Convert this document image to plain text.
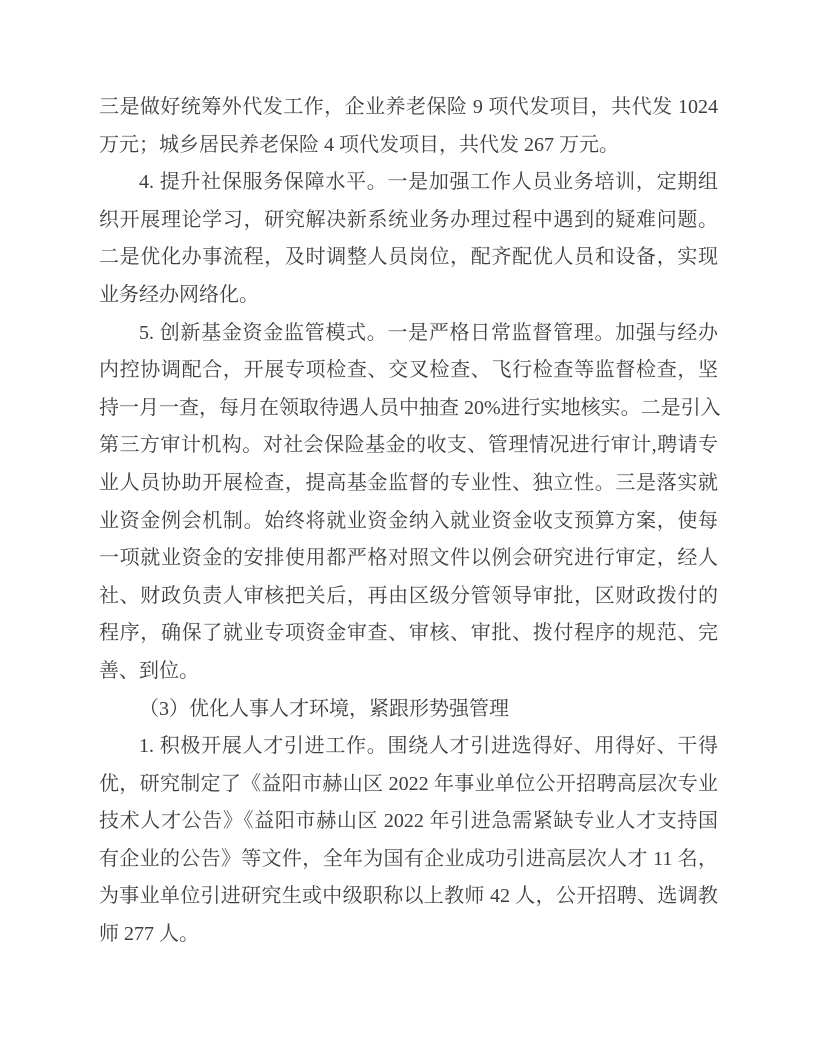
三是做好统筹外代发工作，企业养老保险 9 项代发项目，共代发 1024
万元；城乡居民养老保险 4 项代发项目，共代发 267 万元。
4. 提升社保服务保障水平。一是加强工作人员业务培训，定期组
织开展理论学习，研究解决新系统业务办理过程中遇到的疑难问题。
二是优化办事流程，及时调整人员岗位，配齐配优人员和设备，实现
业务经办网络化。
5. 创新基金资金监管模式。一是严格日常监督管理。加强与经办
内控协调配合，开展专项检查、交叉检查、飞行检查等监督检查，坚
持一月一查，每月在领取待遇人员中抽查 20%进行实地核实。二是引入
第三方审计机构。对社会保险基金的收支、管理情况进行审计,聘请专
业人员协助开展检查，提高基金监督的专业性、独立性。三是落实就
业资金例会机制。始终将就业资金纳入就业资金收支预算方案，使每
一项就业资金的安排使用都严格对照文件以例会研究进行审定，经人
社、财政负责人审核把关后，再由区级分管领导审批，区财政拨付的
程序，确保了就业专项资金审查、审核、审批、拨付程序的规范、完
善、到位。
（3）优化人事人才环境，紧跟形势强管理
1. 积极开展人才引进工作。围绕人才引进选得好、用得好、干得
优，研究制定了《益阳市赫山区 2022 年事业单位公开招聘高层次专业
技术人才公告》《益阳市赫山区 2022 年引进急需紧缺专业人才支持国
有企业的公告》等文件，全年为国有企业成功引进高层次人才 11 名，
为事业单位引进研究生或中级职称以上教师 42 人，公开招聘、选调教
师 277 人。
